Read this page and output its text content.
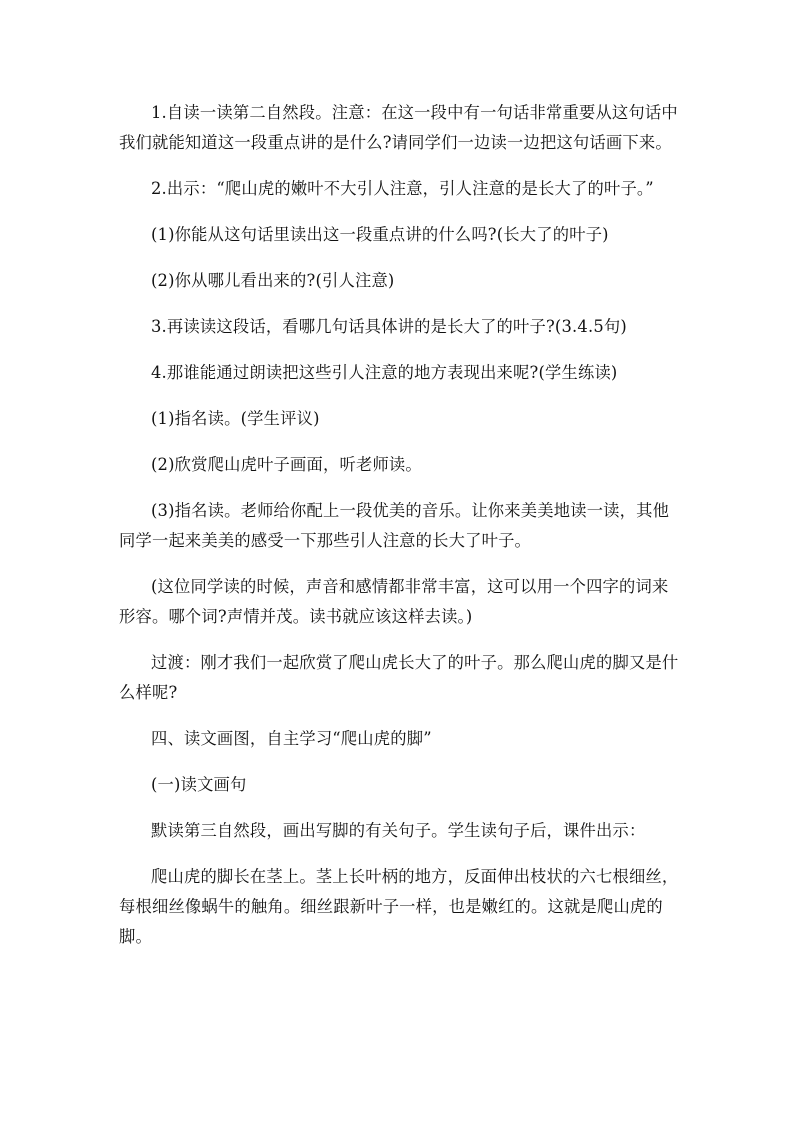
1.自读一读第二自然段。注意：在这一段中有一句话非常重要从这句话中我们就能知道这一段重点讲的是什么?请同学们一边读一边把这句话画下来。

2.出示：“爬山虎的嫩叶不大引人注意，引人注意的是长大了的叶子。”

(1)你能从这句话里读出这一段重点讲的什么吗?(长大了的叶子)

(2)你从哪儿看出来的?(引人注意)

3.再读读这段话，看哪几句话具体讲的是长大了的叶子?(3.4.5句)

4.那谁能通过朗读把这些引人注意的地方表现出来呢?(学生练读)

(1)指名读。(学生评议)

(2)欣赏爬山虎叶子画面，听老师读。

(3)指名读。老师给你配上一段优美的音乐。让你来美美地读一读，其他同学一起来美美的感受一下那些引人注意的长大了叶子。

(这位同学读的时候，声音和感情都非常丰富，这可以用一个四字的词来形容。哪个词?声情并茂。读书就应该这样去读。)

过渡：刚才我们一起欣赏了爬山虎长大了的叶子。那么爬山虎的脚又是什么样呢?

四、读文画图，自主学习“爬山虎的脚”

(一)读文画句

默读第三自然段，画出写脚的有关句子。学生读句子后，课件出示：

爬山虎的脚长在茎上。茎上长叶柄的地方，反面伸出枝状的六七根细丝，每根细丝像蜗牛的触角。细丝跟新叶子一样，也是嫩红的。这就是爬山虎的脚。
